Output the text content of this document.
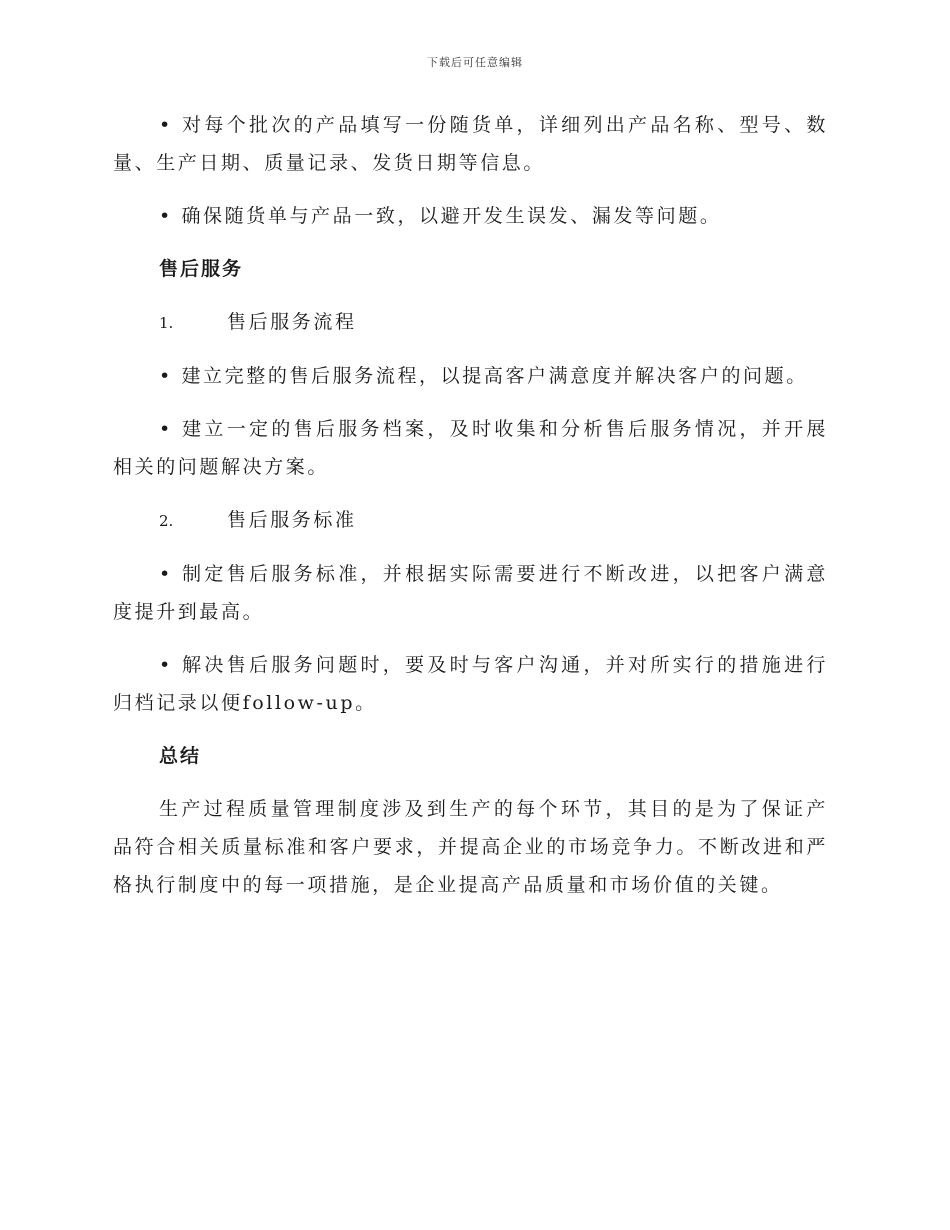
下载后可任意编辑

• 对每个批次的产品填写一份随货单，详细列出产品名称、型号、数量、生产日期、质量记录、发货日期等信息。

• 确保随货单与产品一致，以避开发生误发、漏发等问题。

售后服务
1.	售后服务流程

• 建立完整的售后服务流程，以提高客户满意度并解决客户的问题。

• 建立一定的售后服务档案，及时收集和分析售后服务情况，并开展相关的问题解决方案。

2.	售后服务标准

• 制定售后服务标准，并根据实际需要进行不断改进，以把客户满意度提升到最高。

• 解决售后服务问题时，要及时与客户沟通，并对所实行的措施进行归档记录以便follow-up。

总结

生产过程质量管理制度涉及到生产的每个环节，其目的是为了保证产品符合相关质量标准和客户要求，并提高企业的市场竞争力。不断改进和严格执行制度中的每一项措施，是企业提高产品质量和市场价值的关键。
